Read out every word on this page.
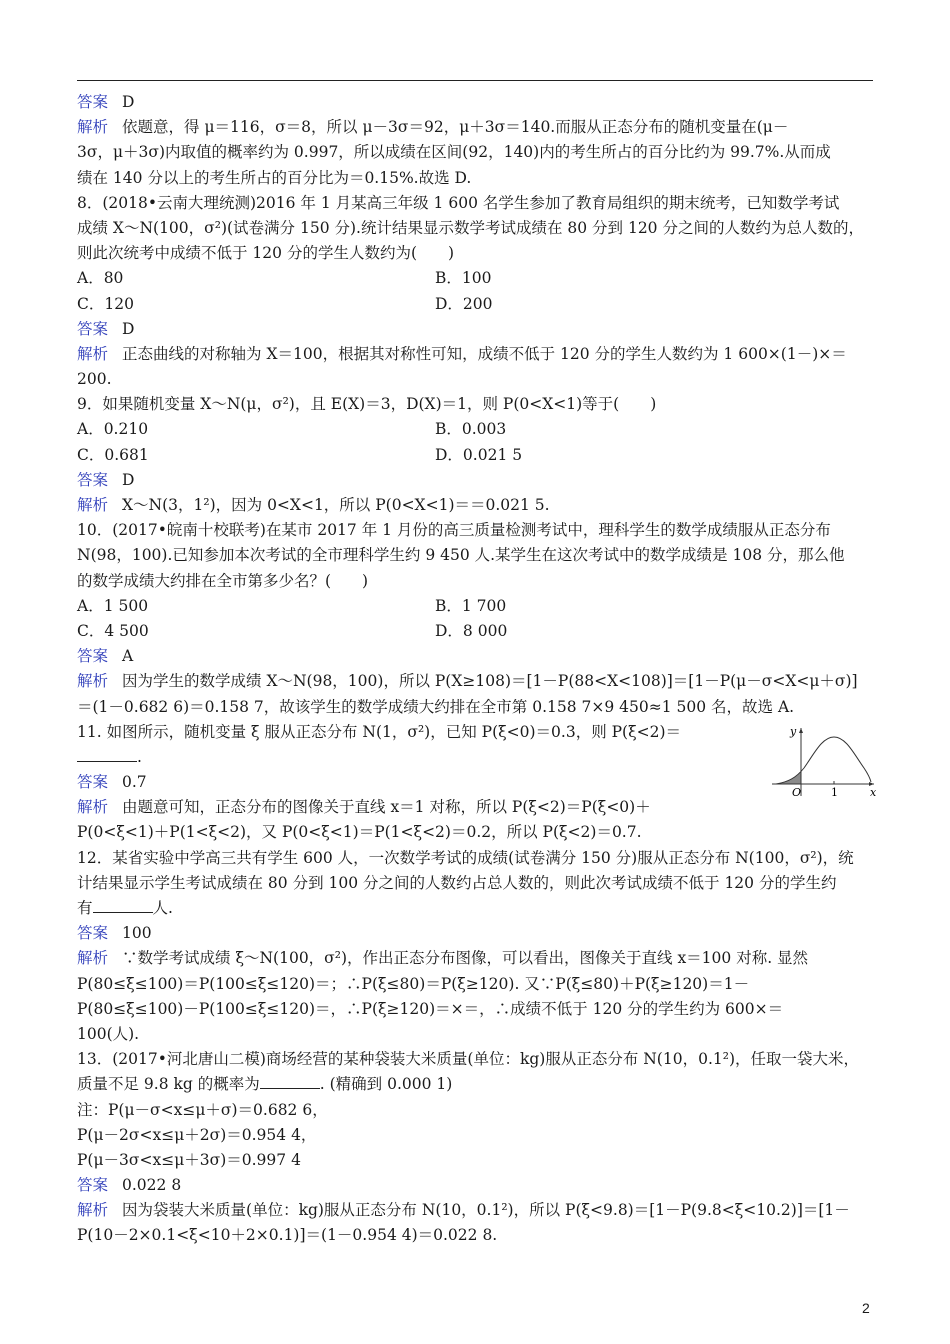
答案 D
解析 依题意，得 μ＝116，σ＝8，所以 μ－3σ＝92，μ＋3σ＝140.而服从正态分布的随机变量在(μ－
3σ，μ＋3σ)内取值的概率约为 0.997，所以成绩在区间(92，140)内的考生所占的百分比约为 99.7%.从而成
绩在 140 分以上的考生所占的百分比为＝0.15%.故选 D.
8．(2018•云南大理统测)2016 年 1 月某高三年级 1 600 名学生参加了教育局组织的期末统考，已知数学考试
成绩 X～N(100，σ²)(试卷满分 150 分).统计结果显示数学考试成绩在 80 分到 120 分之间的人数约为总人数的，
则此次统考中成绩不低于 120 分的学生人数约为(　　)
A．80	B．100
C．120	D．200
答案 D
解析 正态曲线的对称轴为 X＝100，根据其对称性可知，成绩不低于 120 分的学生人数约为 1 600×(1－)×＝
200.
9．如果随机变量 X～N(μ，σ²)，且 E(X)＝3，D(X)＝1，则 P(0<X<1)等于(　　)
A．0.210	B．0.003
C．0.681	D．0.021 5
答案 D
解析 X～N(3，1²)，因为 0<X<1，所以 P(0<X<1)＝＝0.021 5.
10．(2017•皖南十校联考)在某市 2017 年 1 月份的高三质量检测考试中，理科学生的数学成绩服从正态分布
N(98，100).已知参加本次考试的全市理科学生约 9 450 人.某学生在这次考试中的数学成绩是 108 分，那么他
的数学成绩大约排在全市第多少名？(　　)
A．1 500	B．1 700
C．4 500	D．8 000
答案 A
解析 因为学生的数学成绩 X～N(98，100)，所以 P(X≥108)＝[1－P(88<X<108)]＝[1－P(μ－σ<X<μ＋σ)]
＝(1－0.682 6)＝0.158 7，故该学生的数学成绩大约排在全市第 0.158 7×9 450≈1 500 名，故选 A.
11. 如图所示，随机变量 ξ 服从正态分布 N(1，σ²)，已知 P(ξ<0)＝0.3，则 P(ξ<2)＝
.
答案 0.7
解析 由题意可知，正态分布的图像关于直线 x＝1 对称，所以 P(ξ<2)＝P(ξ<0)＋
P(0<ξ<1)＋P(1<ξ<2)，又 P(0<ξ<1)＝P(1<ξ<2)＝0.2，所以 P(ξ<2)＝0.7.
12．某省实验中学高三共有学生 600 人，一次数学考试的成绩(试卷满分 150 分)服从正态分布 N(100，σ²)，统
计结果显示学生考试成绩在 80 分到 100 分之间的人数约占总人数的，则此次考试成绩不低于 120 分的学生约
有	人.
答案 100
解析 ∵数学考试成绩 ξ～N(100，σ²)，作出正态分布图像，可以看出，图像关于直线 x＝100 对称. 显然
P(80≤ξ≤100)＝P(100≤ξ≤120)＝；∴P(ξ≤80)＝P(ξ≥120). 又∵P(ξ≤80)＋P(ξ≥120)＝1－
P(80≤ξ≤100)－P(100≤ξ≤120)＝，∴P(ξ≥120)＝×＝，∴成绩不低于 120 分的学生约为 600×＝
100(人).
13．(2017•河北唐山二模)商场经营的某种袋装大米质量(单位：kg)服从正态分布 N(10，0.1²)，任取一袋大米，
质量不足 9.8 kg 的概率为	. (精确到 0.000 1)
注：P(μ－σ<x≤μ＋σ)＝0.682 6，
P(μ－2σ<x≤μ＋2σ)＝0.954 4，
P(μ－3σ<x≤μ＋3σ)＝0.997 4
答案 0.022 8
解析 因为袋装大米质量(单位：kg)服从正态分布 N(10，0.1²)，所以 P(ξ<9.8)＝[1－P(9.8<ξ<10.2)]＝[1－
P(10－2×0.1<ξ<10＋2×0.1)]＝(1－0.954 4)＝0.022 8.
y
O	1	x
2
